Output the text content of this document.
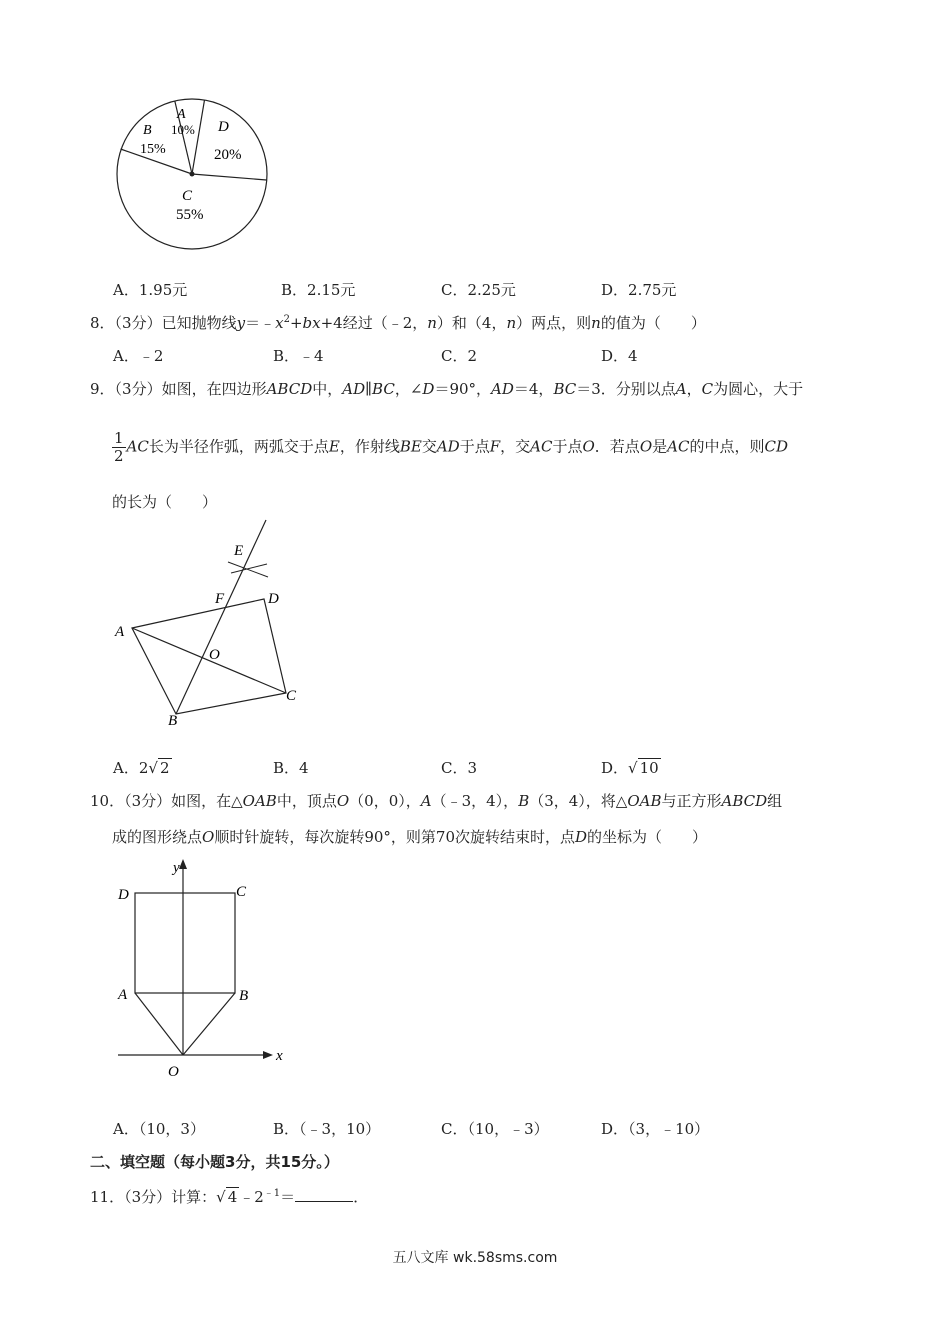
A
10%
B
15%
C
55%
D
20%
A．1.95元	B．2.15元	C．2.25元	D．2.75元
8．（3分）已知抛物线$y=﹣x^2+bx+4$经过（﹣2，n）和（4，n）两点，则n的值为（　　）
A．﹣2	B．﹣4	C．2	D．4
9．（3分）如图，在四边形ABCD中，AD∥BC，∠D＝90°，AD＝4，BC＝3．分别以点A，C为圆心，大于
$\frac{1}{2}$ AC长为半径作弧，两弧交于点E，作射线BE交AD于点F，交AC于点O．若点O是AC的中点，则CD
的长为（　　）
E
F	D
A
O
C
B
A．2√ 2	B．4	C．3	D．√ 10
10．（3分）如图，在△OAB中，顶点O（0，0），A（﹣3，4），B（3，4），将△OAB与正方形ABCD组
成的图形绕点O顺时针旋转，每次旋转90°，则第70次旋转结束时，点D的坐标为（　　）
y
x
D	C
A	B
O
A．（10，3）	B．（﹣3，10）	C．（10，﹣3）	D．（3，﹣10）
二、填空题（每小题3分，共15分。）
11．（3分）计算：√ 4 $﹣2^{﹣1}=$	．
五八文库 wk.58sms.com
